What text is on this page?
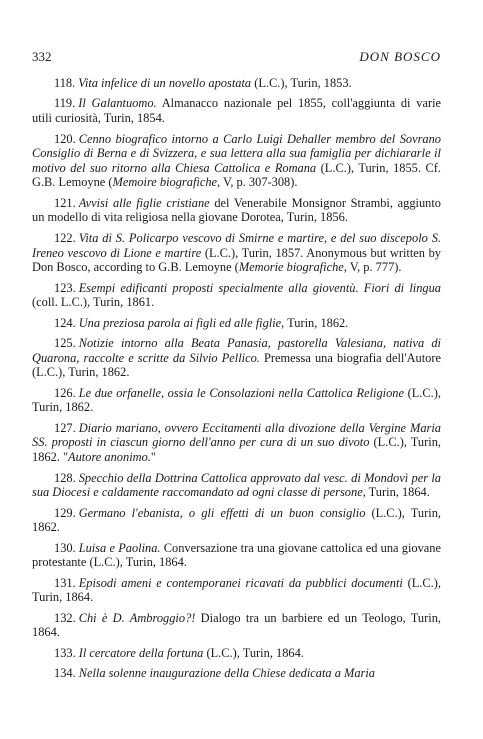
332	DON BOSCO

118. Vita infelice di un novello apostata (L.C.), Turin, 1853.

119. Il Galantuomo. Almanacco nazionale pel 1855, coll'aggiunta di varie utili curiosità, Turin, 1854.

120. Cenno biografico intorno a Carlo Luigi Dehaller membro del Sovrano Consiglio di Berna e di Svizzera, e sua lettera alla sua famiglia per dichiararle il motivo del suo ritorno alla Chiesa Cattolica e Romana (L.C.), Turin, 1855. Cf. G.B. Lemoyne (Memoire biografiche, V, p. 307-308).

121. Avvisi alle figlie cristiane del Venerabile Monsignor Strambi, aggiunto un modello di vita religiosa nella giovane Dorotea, Turin, 1856.

122. Vita di S. Policarpo vescovo di Smirne e martire, e del suo discepolo S. Ireneo vescovo di Lione e martire (L.C.), Turin, 1857. Anonymous but written by Don Bosco, according to G.B. Lemoyne (Memorie biografiche, V, p. 777).

123. Esempi edificanti proposti specialmente alla gioventù. Fiori di lingua (coll. L.C.), Turin, 1861.

124. Una preziosa parola ai figli ed alle figlie, Turin, 1862.

125. Notizie intorno alla Beata Panasia, pastorella Valesiana, nativa di Quarona, raccolte e scritte da Silvio Pellico. Premessa una biografia dell'Autore (L.C.), Turin, 1862.

126. Le due orfanelle, ossia le Consolazioni nella Cattolica Religione (L.C.), Turin, 1862.

127. Diario mariano, ovvero Eccitamenti alla divozione della Vergine Maria SS. proposti in ciascun giorno dell'anno per cura di un suo divoto (L.C.), Turin, 1862. "Autore anonimo."

128. Specchio della Dottrina Cattolica approvato dal vesc. di Mondovì per la sua Diocesi e caldamente raccomandato ad ogni classe di persone, Turin, 1864.

129. Germano l'ebanista, o gli effetti di un buon consiglio (L.C.), Turin, 1862.

130. Luisa e Paolina. Conversazione tra una giovane cattolica ed una giovane protestante (L.C.), Turin, 1864.

131. Episodi ameni e contemporanei ricavati da pubblici documenti (L.C.), Turin, 1864.

132. Chi è D. Ambroggio?! Dialogo tra un barbiere ed un Teologo, Turin, 1864.

133. Il cercatore della fortuna (L.C.), Turin, 1864.

134. Nella solenne inaugurazione della Chiese dedicata a Maria
